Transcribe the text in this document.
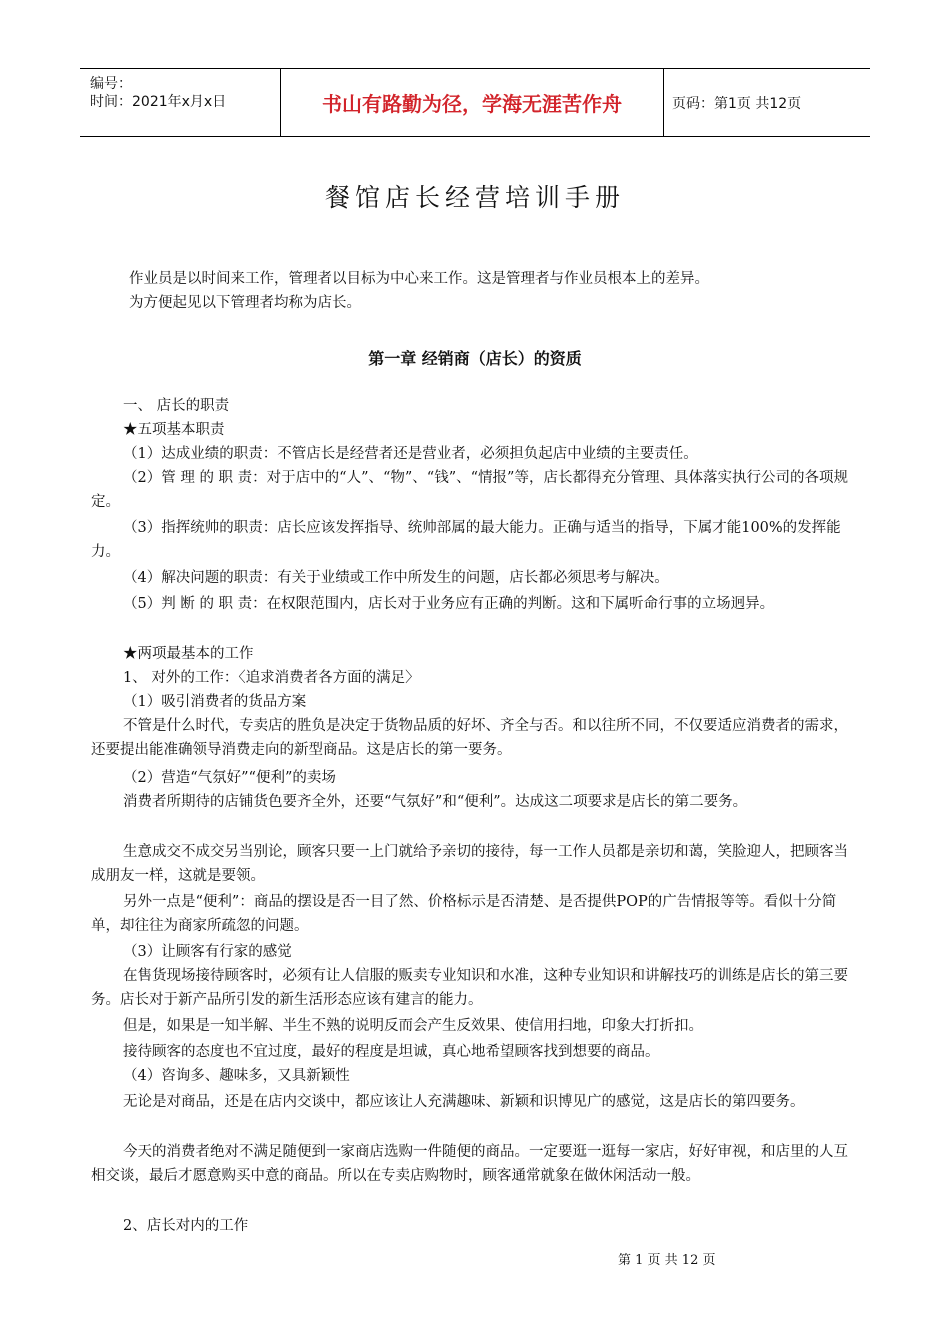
编号：
时间：2021年x月x日	书山有路勤为径，学海无涯苦作舟	页码：第1页 共12页
餐馆店长经营培训手册
作业员是以时间来工作，管理者以目标为中心来工作。这是管理者与作业员根本上的差异。
为方便起见以下管理者均称为店长。
第一章 经销商（店长）的资质
一、 店长的职责
★五项基本职责
（1）达成业绩的职责：不管店长是经营者还是营业者，必须担负起店中业绩的主要责任。
（2）管 理 的 职 责：对于店中的“人”、“物”、“钱”、“情报”等，店长都得充分管理、具体落实执行公司的各项规定。
（3）指挥统帅的职责：店长应该发挥指导、统帅部属的最大能力。正确与适当的指导，下属才能100%的发挥能力。
（4）解决问题的职责：有关于业绩或工作中所发生的问题，店长都必须思考与解决。
（5）判 断 的 职 责：在权限范围内，店长对于业务应有正确的判断。这和下属听命行事的立场迥异。
★两项最基本的工作
1、 对外的工作：〈追求消费者各方面的满足〉
（1）吸引消费者的货品方案
不管是什么时代，专卖店的胜负是决定于货物品质的好坏、齐全与否。和以往所不同，不仅要适应消费者的需求，还要提出能准确领导消费走向的新型商品。这是店长的第一要务。
（2）营造“气氛好”“便利”的卖场
消费者所期待的店铺货色要齐全外，还要“气氛好”和“便利”。达成这二项要求是店长的第二要务。
生意成交不成交另当别论，顾客只要一上门就给予亲切的接待，每一工作人员都是亲切和蔼，笑脸迎人，把顾客当成朋友一样，这就是要领。
另外一点是“便利”：商品的摆设是否一目了然、价格标示是否清楚、是否提供POP的广告情报等等。看似十分简单，却往往为商家所疏忽的问题。
（3）让顾客有行家的感觉
在售货现场接待顾客时，必须有让人信服的贩卖专业知识和水准，这种专业知识和讲解技巧的训练是店长的第三要务。店长对于新产品所引发的新生活形态应该有建言的能力。
但是，如果是一知半解、半生不熟的说明反而会产生反效果、使信用扫地，印象大打折扣。
接待顾客的态度也不宜过度，最好的程度是坦诚，真心地希望顾客找到想要的商品。
（4）咨询多、趣味多，又具新颖性
无论是对商品，还是在店内交谈中，都应该让人充满趣味、新颖和识博见广的感觉，这是店长的第四要务。
今天的消费者绝对不满足随便到一家商店选购一件随便的商品。一定要逛一逛每一家店，好好审视，和店里的人互相交谈，最后才愿意购买中意的商品。所以在专卖店购物时，顾客通常就象在做休闲活动一般。
2、店长对内的工作
第 1 页 共 12 页
